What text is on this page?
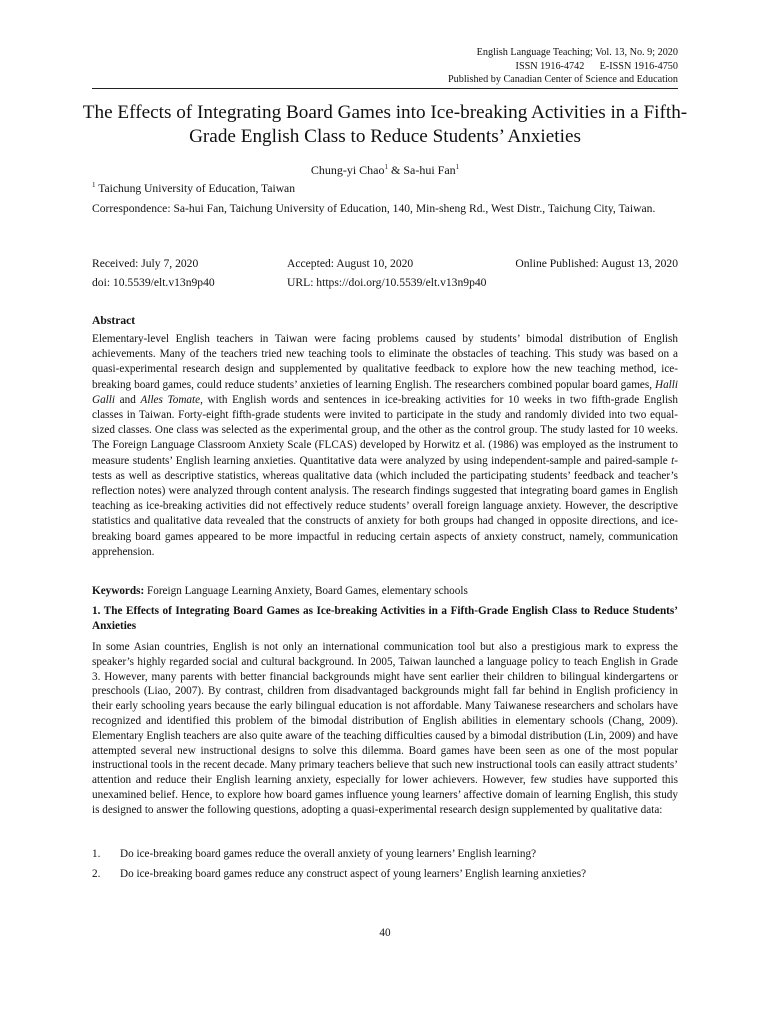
English Language Teaching; Vol. 13, No. 9; 2020
ISSN 1916-4742      E-ISSN 1916-4750
Published by Canadian Center of Science and Education
The Effects of Integrating Board Games into Ice-breaking Activities in a Fifth-Grade English Class to Reduce Students’ Anxieties
Chung-yi Chao$^1$ & Sa-hui Fan$^1$
$^1$ Taichung University of Education, Taiwan
Correspondence: Sa-hui Fan, Taichung University of Education, 140, Min-sheng Rd., West Distr., Taichung City, Taiwan.
Received: July 7, 2020	Accepted: August 10, 2020	Online Published: August 13, 2020
doi: 10.5539/elt.v13n9p40	URL: https://doi.org/10.5539/elt.v13n9p40
Abstract
Elementary-level English teachers in Taiwan were facing problems caused by students’ bimodal distribution of English achievements. Many of the teachers tried new teaching tools to eliminate the obstacles of teaching. This study was based on a quasi-experimental research design and supplemented by qualitative feedback to explore how the new teaching method, ice-breaking board games, could reduce students’ anxieties of learning English. The researchers combined popular board games, Halli Galli and Alles Tomate, with English words and sentences in ice-breaking activities for 10 weeks in two fifth-grade English classes in Taiwan. Forty-eight fifth-grade students were invited to participate in the study and randomly divided into two equal-sized classes. One class was selected as the experimental group, and the other as the control group. The study lasted for 10 weeks. The Foreign Language Classroom Anxiety Scale (FLCAS) developed by Horwitz et al. (1986) was employed as the instrument to measure students’ English learning anxieties. Quantitative data were analyzed by using independent-sample and paired-sample t-tests as well as descriptive statistics, whereas qualitative data (which included the participating students’ feedback and teacher’s reflection notes) were analyzed through content analysis. The research findings suggested that integrating board games in English teaching as ice-breaking activities did not effectively reduce students’ overall foreign language anxiety. However, the descriptive statistics and qualitative data revealed that the constructs of anxiety for both groups had changed in opposite directions, and ice-breaking board games appeared to be more impactful in reducing certain aspects of anxiety construct, namely, communication apprehension.
Keywords: Foreign Language Learning Anxiety, Board Games, elementary schools
1. The Effects of Integrating Board Games as Ice-breaking Activities in a Fifth-Grade English Class to Reduce Students’ Anxieties
In some Asian countries, English is not only an international communication tool but also a prestigious mark to express the speaker’s highly regarded social and cultural background. In 2005, Taiwan launched a language policy to teach English in Grade 3. However, many parents with better financial backgrounds might have sent earlier their children to bilingual kindergartens or preschools (Liao, 2007). By contrast, children from disadvantaged backgrounds might fall far behind in English proficiency in their early schooling years because the early bilingual education is not affordable. Many Taiwanese researchers and scholars have recognized and identified this problem of the bimodal distribution of English abilities in elementary schools (Chang, 2009). Elementary English teachers are also quite aware of the teaching difficulties caused by a bimodal distribution (Lin, 2009) and have attempted several new instructional designs to solve this dilemma. Board games have been seen as one of the most popular instructional tools in the recent decade. Many primary teachers believe that such new instructional tools can easily attract students’ attention and reduce their English learning anxiety, especially for lower achievers. However, few studies have supported this unexamined belief. Hence, to explore how board games influence young learners’ affective domain of learning English, this study is designed to answer the following questions, adopting a quasi-experimental research design supplemented by qualitative data:
1. Do ice-breaking board games reduce the overall anxiety of young learners’ English learning?
2. Do ice-breaking board games reduce any construct aspect of young learners’ English learning anxieties?
40
